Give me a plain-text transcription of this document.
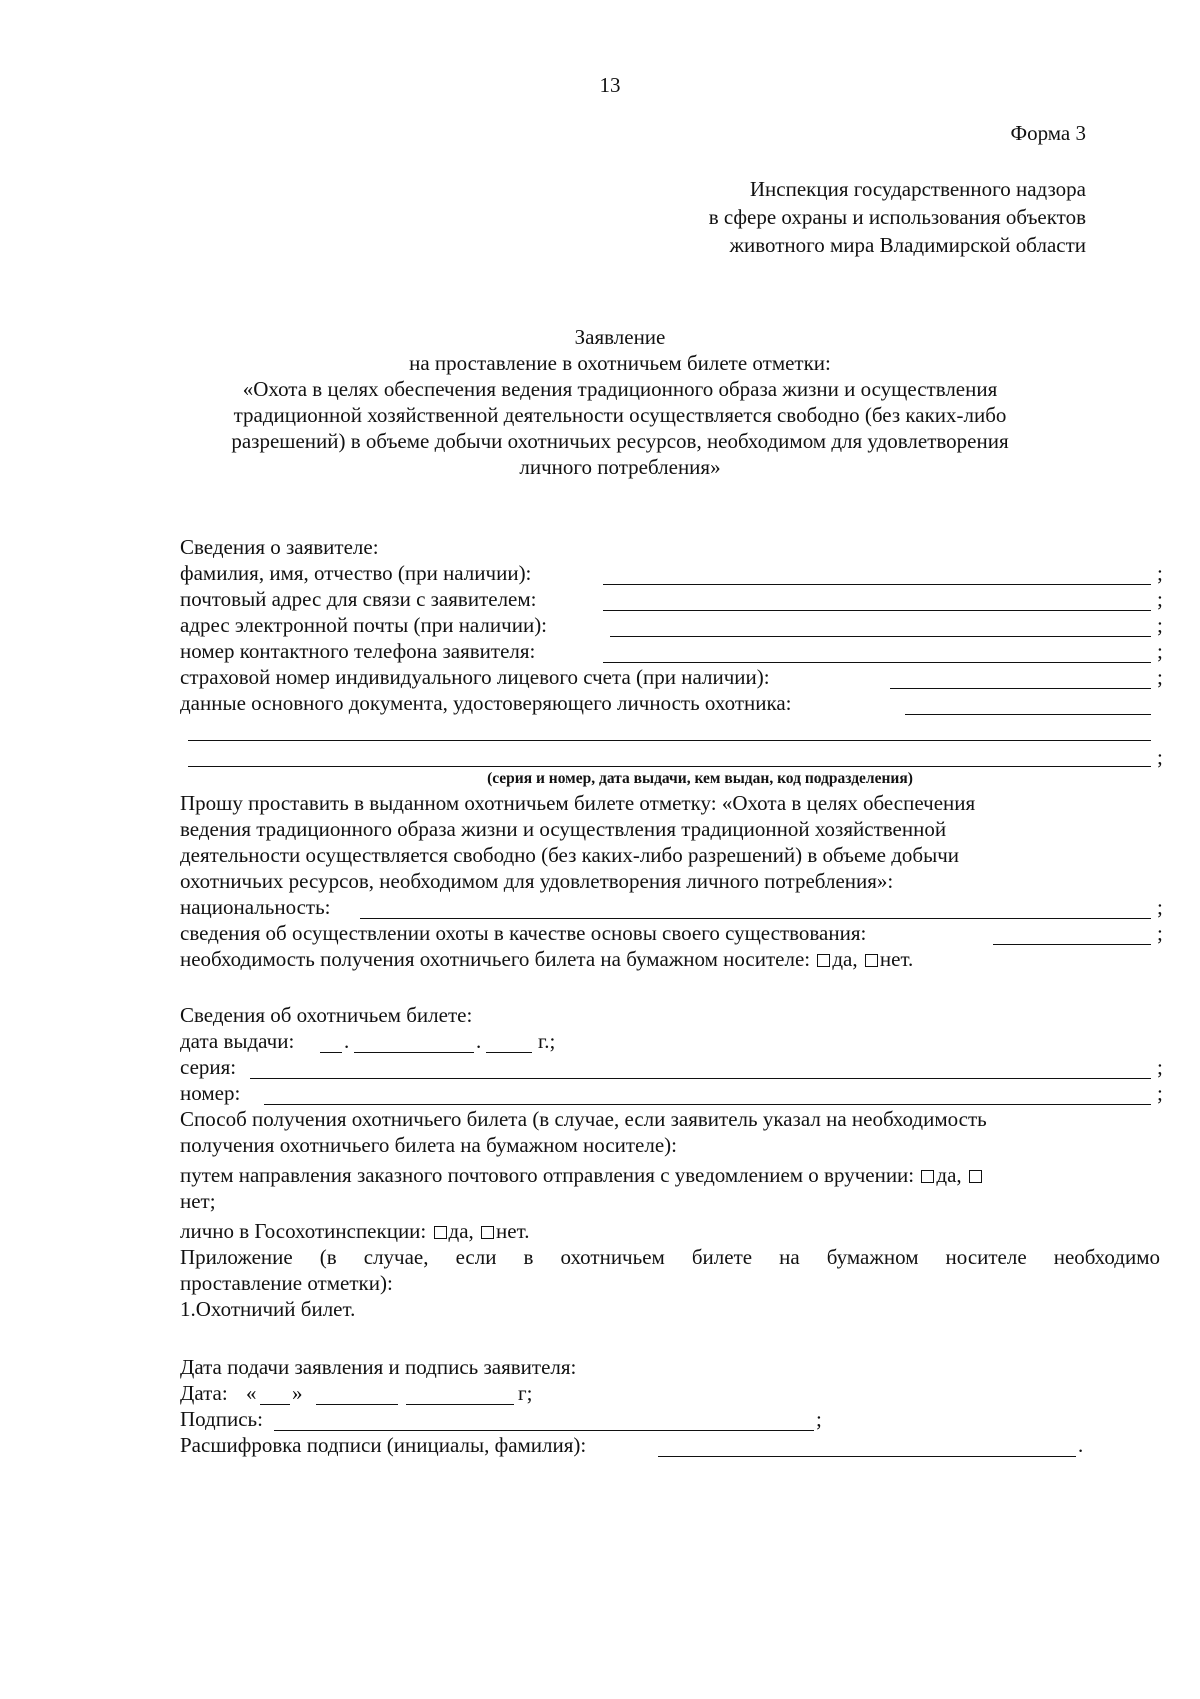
13
Форма 3
Инспекция государственного надзора
в сфере охраны и использования объектов
животного мира Владимирской области
Заявление
на проставление в охотничьем билете отметки:
«Охота в целях обеспечения ведения традиционного образа жизни и осуществления
традиционной хозяйственной деятельности осуществляется свободно (без каких-либо
разрешений) в объеме добычи охотничьих ресурсов, необходимом для удовлетворения
личного потребления»
Сведения о заявителе:
фамилия, имя, отчество (при наличии):	;
почтовый адрес для связи с заявителем:	;
адрес электронной почты (при наличии):	;
номер контактного телефона заявителя:	;
страховой номер индивидуального лицевого счета (при наличии):	;
данные основного документа, удостоверяющего личность охотника:
;
(серия и номер, дата выдачи, кем выдан, код подразделения)
Прошу проставить в выданном охотничьем билете отметку: «Охота в целях обеспечения
ведения традиционного образа жизни и осуществления традиционной хозяйственной
деятельности осуществляется свободно (без каких-либо разрешений) в объеме добычи
охотничьих ресурсов, необходимом для удовлетворения личного потребления»:
национальность:	;
сведения об осуществлении охоты в качестве основы своего существования:	;
необходимость получения охотничьего билета на бумажном носителе: да, нет.
Сведения об охотничьем билете:
дата выдачи: .	.	г.;
серия:	;
номер:	;
Способ получения охотничьего билета (в случае, если заявитель указал на необходимость
получения охотничьего билета на бумажном носителе):
путем направления заказного почтового отправления с уведомлением о вручении: да,
нет;
лично в Госохотинспекции: да, нет.
Приложение (в случае, если в охотничьем билете на бумажном носителе необходимо
проставление отметки):
1.Охотничий билет.
Дата подачи заявления и подпись заявителя:
Дата: « »	г;
Подпись:	;
Расшифровка подписи (инициалы, фамилия):	.
